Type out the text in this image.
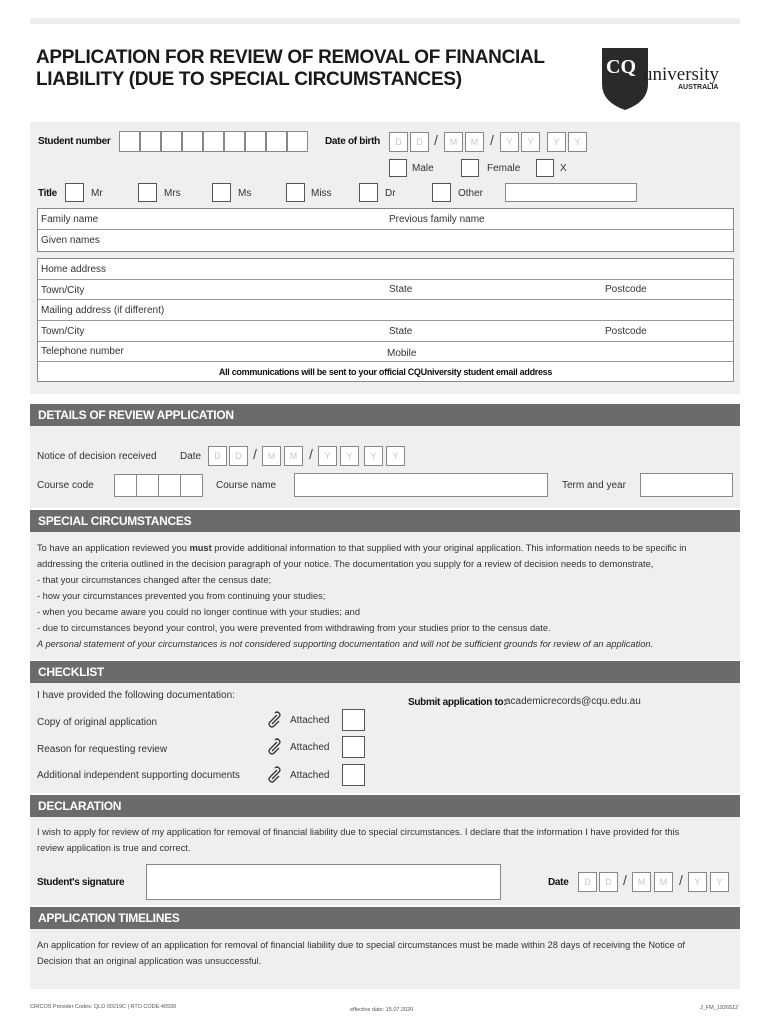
APPLICATION FOR REVIEW OF REMOVAL OF FINANCIAL
LIABILITY (DUE TO SPECIAL CIRCUMSTANCES)
CQ university
AUSTRALIA
Student number	Date of birth	D	D /	M	M /	Y	Y	Y	Y
Male	Female	X
Title	Mr	Mrs	Ms	Miss	Dr	Other
Family name	Previous family name
Given names
Home address
Town/City	State	Postcode
Mailing address (if different)
Town/City	State	Postcode
Telephone number	Mobile
All communications will be sent to your official CQUniversity student email address
DETAILS OF REVIEW APPLICATION
Notice of decision received Date	D	D /	M	M /	Y	Y	Y	Y
Course code	Course name	Term and year
SPECIAL CIRCUMSTANCES
To have an application reviewed you must provide additional information to that supplied with your original application. This information needs to be specific in
addressing the criteria outlined in the decision paragraph of your notice. The documentation you supply for a review of decision needs to demonstrate,
- that your circumstances changed after the census date;
- how your circumstances prevented you from continuing your studies;
- when you became aware you could no longer continue with your studies; and
- due to circumstances beyond your control, you were prevented from withdrawing from your studies prior to the census date.
A personal statement of your circumstances is not considered supporting documentation and will not be sufficient grounds for review of an application.
CHECKLIST
I have provided the following documentation:
Submit application to:
academicrecords@cqu.edu.au
Copy of original application	Attached
Reason for requesting review	Attached
Additional independent supporting documents	Attached
DECLARATION
I wish to apply for review of my application for removal of financial liability due to special circumstances. I declare that the information I have provided for this
review application is true and correct.
Student's signature	Date	D	D /	M	M /	Y	Y
APPLICATION TIMELINES
An application for review of an application for removal of financial liability due to special circumstances must be made within 28 days of receiving the Notice of
Decision that an original application was unsuccessful.
CRICOS Provider Codes: QLD 00219C | RTO CODE:40939	effective date: 15.07.2020	J_FM_1926512
